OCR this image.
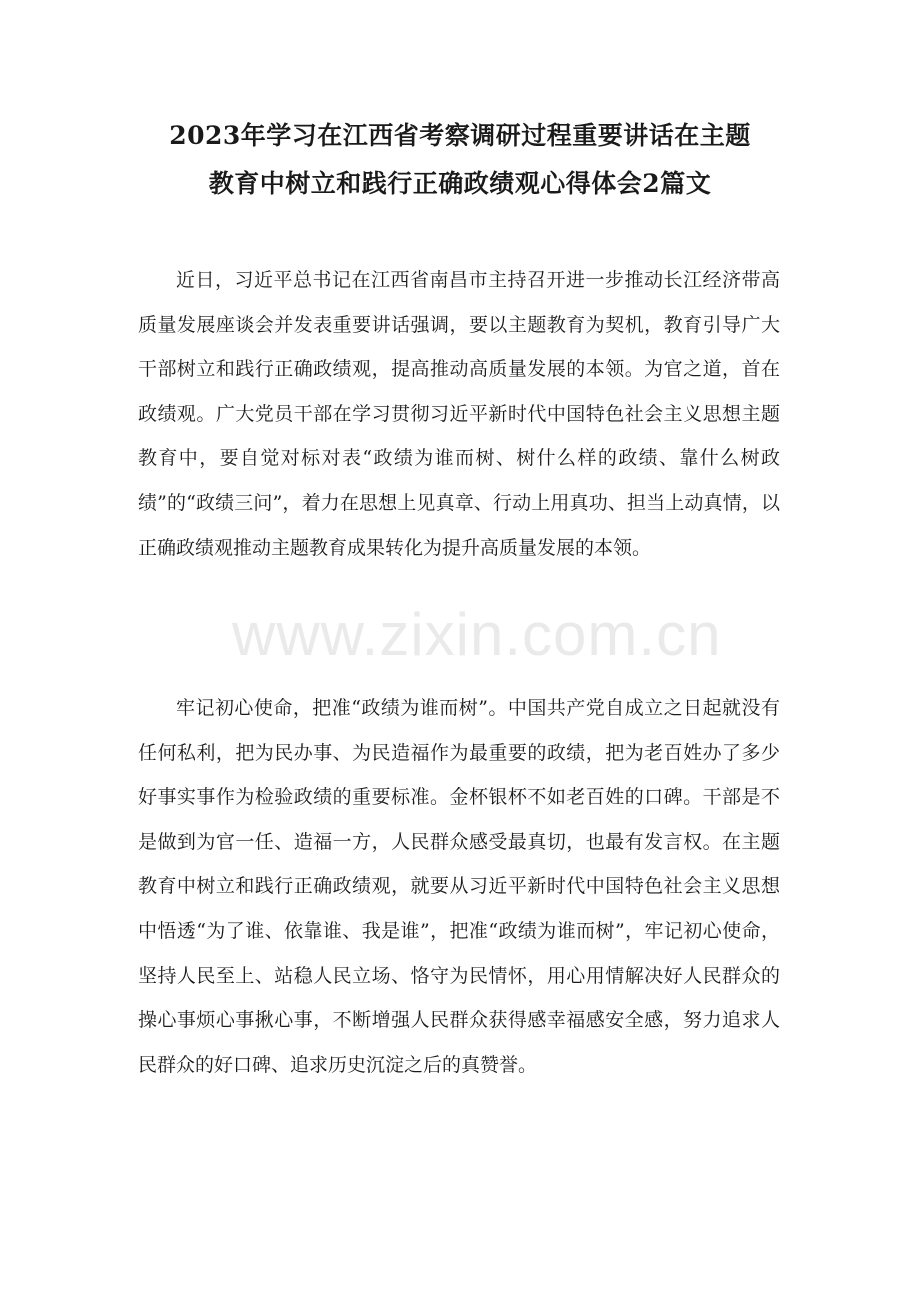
2023年学习在江西省考察调研过程重要讲话在主题
教育中树立和践行正确政绩观心得体会2篇文

近日，习近平总书记在江西省南昌市主持召开进一步推动长江经济带高质量发展座谈会并发表重要讲话强调，要以主题教育为契机，教育引导广大干部树立和践行正确政绩观，提高推动高质量发展的本领。为官之道，首在政绩观。广大党员干部在学习贯彻习近平新时代中国特色社会主义思想主题教育中，要自觉对标对表“政绩为谁而树、树什么样的政绩、靠什么树政绩”的“政绩三问”，着力在思想上见真章、行动上用真功、担当上动真情，以正确政绩观推动主题教育成果转化为提升高质量发展的本领。

www.zixin.com.cn

牢记初心使命，把准“政绩为谁而树”。中国共产党自成立之日起就没有任何私利，把为民办事、为民造福作为最重要的政绩，把为老百姓办了多少好事实事作为检验政绩的重要标准。金杯银杯不如老百姓的口碑。干部是不是做到为官一任、造福一方，人民群众感受最真切，也最有发言权。在主题教育中树立和践行正确政绩观，就要从习近平新时代中国特色社会主义思想中悟透“为了谁、依靠谁、我是谁”，把准“政绩为谁而树”，牢记初心使命，坚持人民至上、站稳人民立场、恪守为民情怀，用心用情解决好人民群众的操心事烦心事揪心事，不断增强人民群众获得感幸福感安全感，努力追求人民群众的好口碑、追求历史沉淀之后的真赞誉。
